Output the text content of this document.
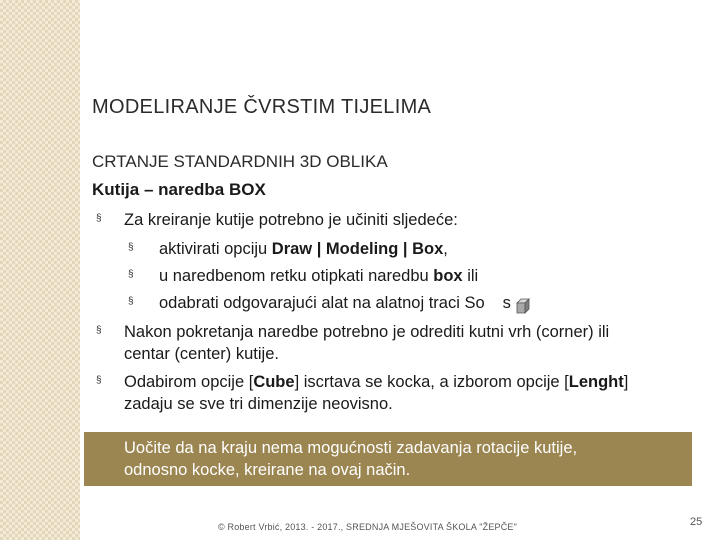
MODELIRANJE ČVRSTIM TIJELIMA
CRTANJE STANDARDNIH 3D OBLIKA
Kutija – naredba BOX
§ Za kreiranje kutije potrebno je učiniti sljedeće:
§ aktivirati opciju Draw | Modeling | Box,
§ u naredbenom retku otipkati naredbu box ili
§ odabrati odgovarajući alat na alatnoj traci So s
§ Nakon pokretanja naredbe potrebno je odrediti kutni vrh (corner) ili
centar (center) kutije.
§ Odabirom opcije [Cube] iscrtava se kocka, a izborom opcije [Lenght]
zadaju se sve tri dimenzije neovisno.
Uočite da na kraju nema mogućnosti zadavanja rotacije kutije,
odnosno kocke, kreirane na ovaj način.
© Robert Vrbić, 2013. - 2017., SREDNJA MJEŠOVITA ŠKOLA "ŽEPČE"	25
